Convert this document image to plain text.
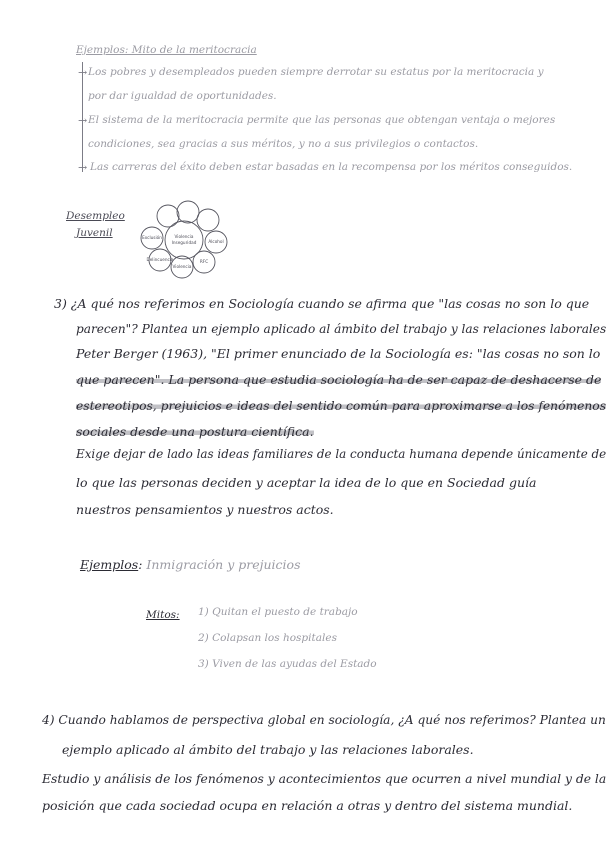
Ejemplos: Mito de la meritocracia
→ Los pobres y desempleados pueden siempre derrotar su estatus por la meritocracia y
por dar igualdad de oportunidades.
→ El sistema de la meritocracia permite que las personas que obtengan ventaja o mejores
condiciones, sea gracias a sus méritos, y no a sus privilegios o contactos.
→ Las carreras del éxito deben estar basadas en la recompensa por los méritos conseguidos.
Desempleo
Juvenil	Violencia
Inseguridad	Alcohol
RFC
Violencia
Delincuencia
Exclusión
3) ¿A qué nos referimos en Sociología cuando se afirma que "las cosas no son lo que
parecen"? Plantea un ejemplo aplicado al ámbito del trabajo y las relaciones laborales
Peter Berger (1963), "El primer enunciado de la Sociología es: "las cosas no son lo
que parecen". La persona que estudia sociología ha de ser capaz de deshacerse de
estereotipos, prejuicios e ideas del sentido común para aproximarse a los fenómenos
sociales desde una postura científica.
Exige dejar de lado las ideas familiares de la conducta humana depende únicamente de
lo que las personas deciden y aceptar la idea de lo que en Sociedad guía
nuestros pensamientos y nuestros actos.
Ejemplos: Inmigración y prejuicios
Mitos: 1) Quitan el puesto de trabajo
2) Colapsan los hospitales
3) Viven de las ayudas del Estado
4) Cuando hablamos de perspectiva global en sociología, ¿A qué nos referimos? Plantea un
ejemplo aplicado al ámbito del trabajo y las relaciones laborales.
Estudio y análisis de los fenómenos y acontecimientos que ocurren a nivel mundial y de la
posición que cada sociedad ocupa en relación a otras y dentro del sistema mundial.
